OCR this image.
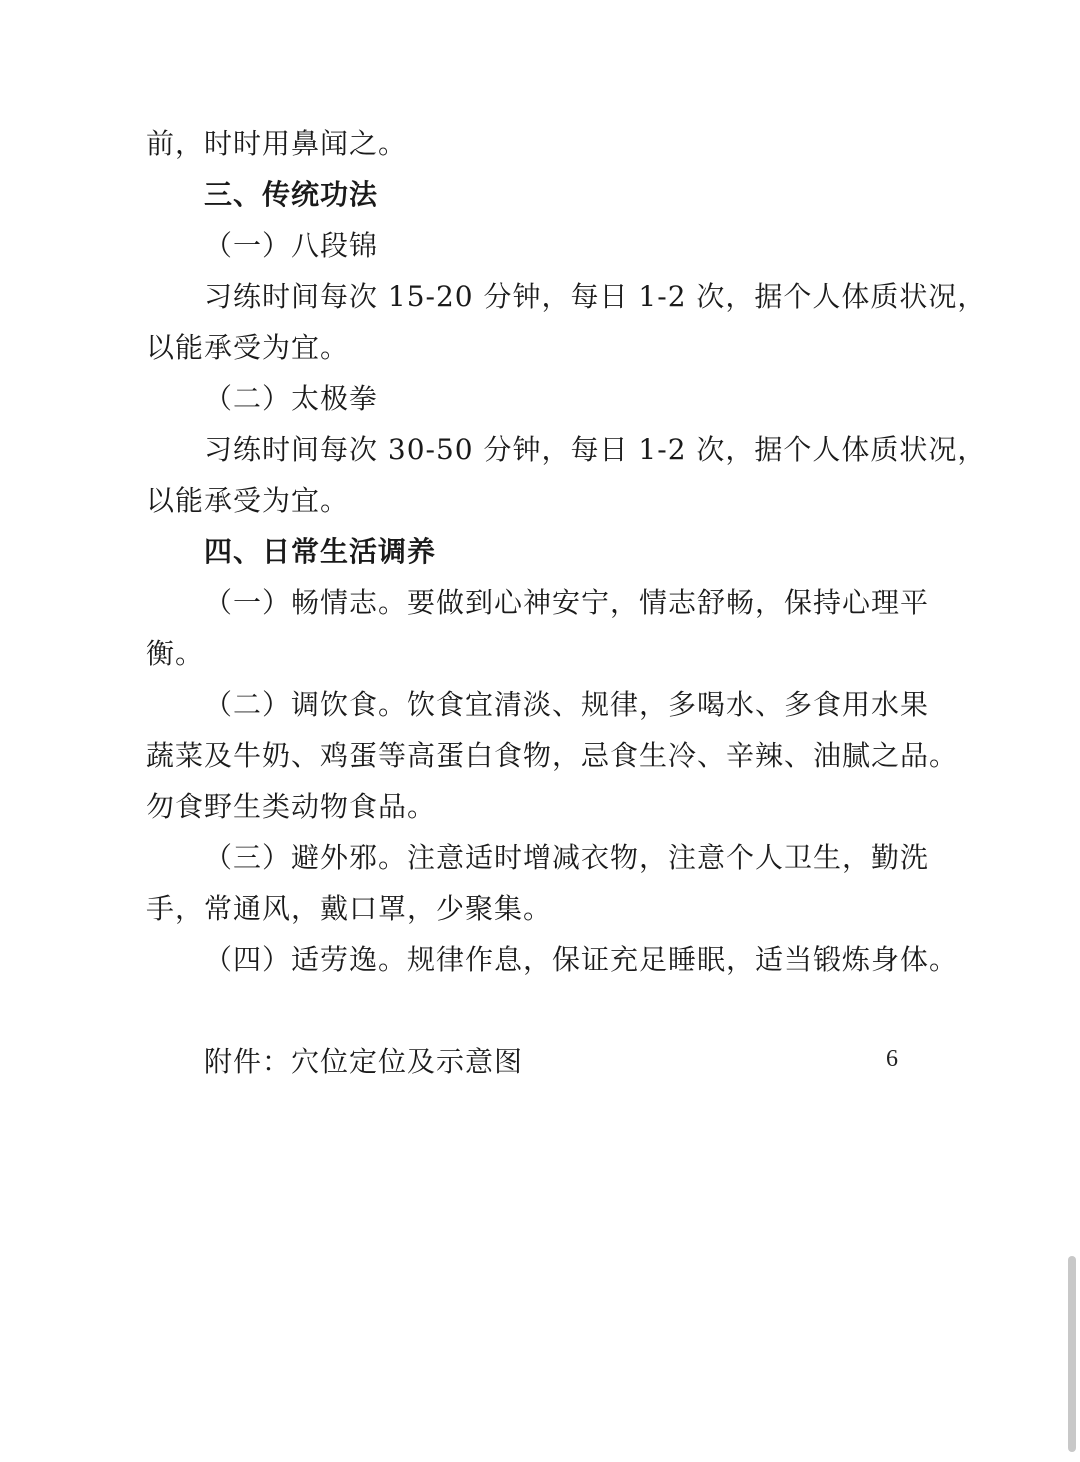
前，时时用鼻闻之。
三、传统功法
（一）八段锦
习练时间每次 15-20 分钟，每日 1-2 次，据个人体质状况，
以能承受为宜。
（二）太极拳
习练时间每次 30-50 分钟，每日 1-2 次，据个人体质状况，
以能承受为宜。
四、日常生活调养
（一）畅情志。要做到心神安宁，情志舒畅，保持心理平
衡。
（二）调饮食。饮食宜清淡、规律，多喝水、多食用水果
蔬菜及牛奶、鸡蛋等高蛋白食物，忌食生冷、辛辣、油腻之品。
勿食野生类动物食品。
（三）避外邪。注意适时增减衣物，注意个人卫生，勤洗
手，常通风，戴口罩，少聚集。
（四）适劳逸。规律作息，保证充足睡眠，适当锻炼身体。
附件：穴位定位及示意图	6
